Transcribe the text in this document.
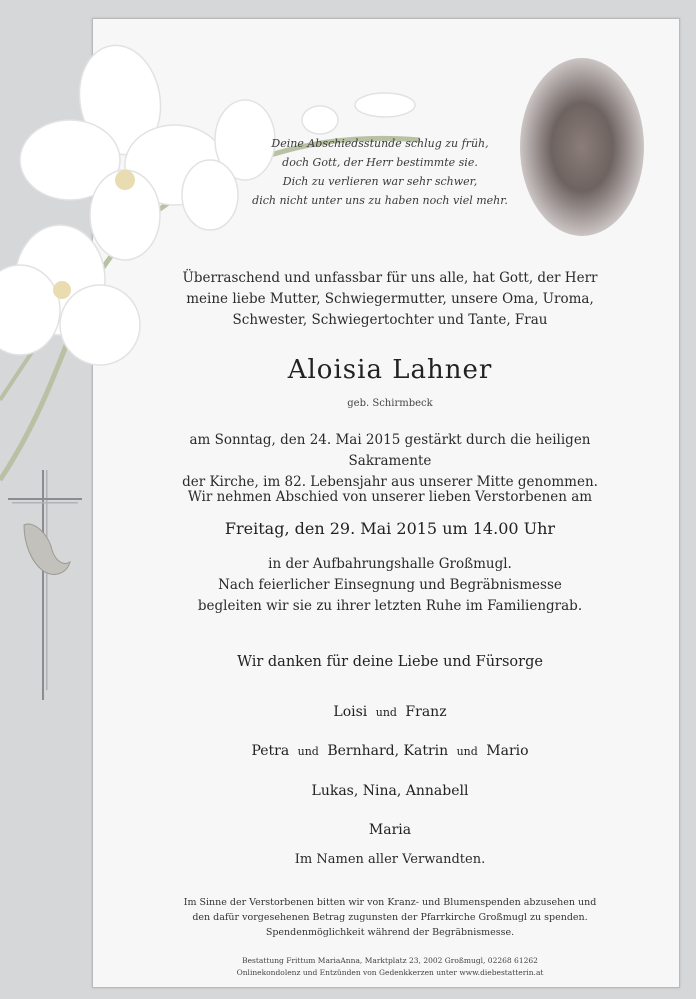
Deine Abschiedsstunde schlug zu früh,
doch Gott, der Herr bestimmte sie.
Dich zu verlieren war sehr schwer,
dich nicht unter uns zu haben noch viel mehr.
Überraschend und unfassbar für uns alle, hat Gott, der Herr
meine liebe Mutter, Schwiegermutter, unsere Oma, Uroma,
Schwester, Schwiegertochter und Tante, Frau
Aloisia Lahner
geb. Schirmbeck
am Sonntag, den 24. Mai 2015 gestärkt durch die heiligen Sakramente
der Kirche, im 82. Lebensjahr aus unserer Mitte genommen.
Wir nehmen Abschied von unserer lieben Verstorbenen am
Freitag, den 29. Mai 2015 um 14.00 Uhr
in der Aufbahrungshalle Großmugl.
Nach feierlicher Einsegnung und Begräbnismesse
begleiten wir sie zu ihrer letzten Ruhe im Familiengrab.
Wir danken für deine Liebe und Fürsorge
Loisi und Franz
Petra und Bernhard, Katrin und Mario
Lukas, Nina, Annabell
Maria
Im Namen aller Verwandten.
Im Sinne der Verstorbenen bitten wir von Kranz- und Blumenspenden abzusehen und
den dafür vorgesehenen Betrag zugunsten der Pfarrkirche Großmugl zu spenden.
Spendenmöglichkeit während der Begräbnismesse.
Bestattung Frittum MariaAnna, Marktplatz 23, 2002 Großmugl, 02268 61262
Onlinekondolenz und Entzünden von Gedenkkerzen unter www.diebestatterin.at
